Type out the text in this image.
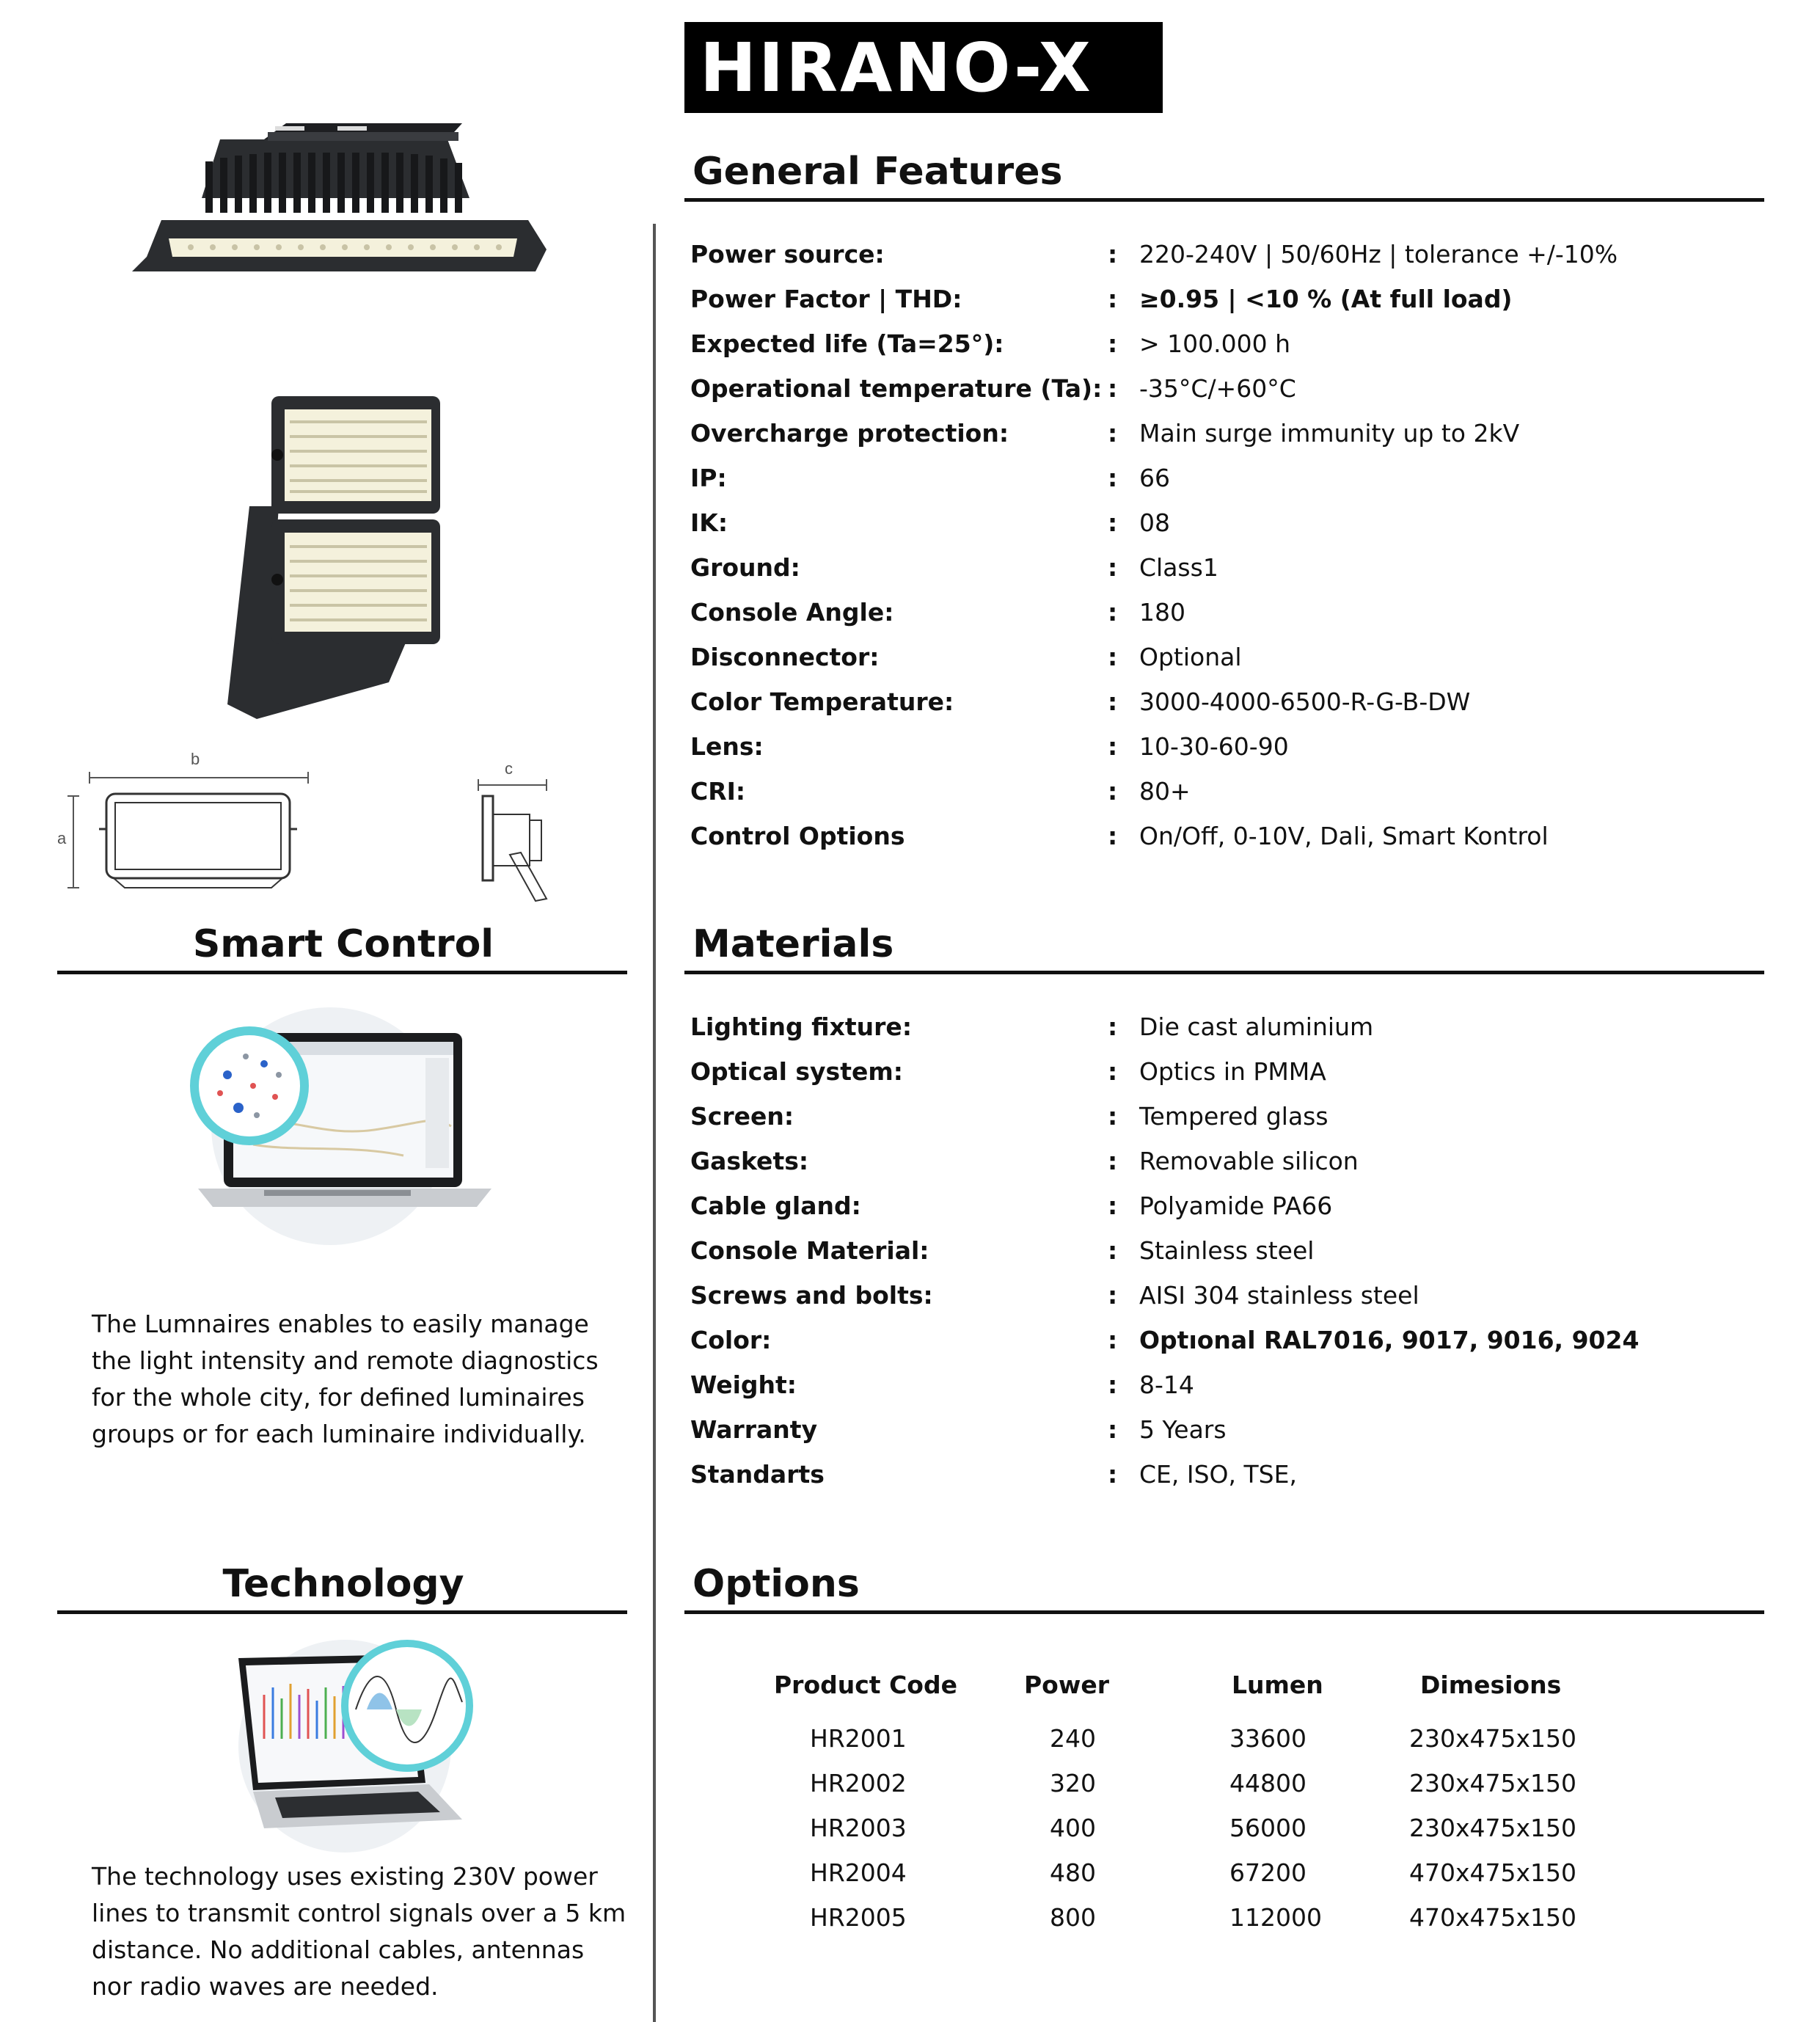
HIRANO-X
b
a
c
General Features
Power source:	: 220-240V | 50/60Hz | tolerance +/-10%
Power Factor | THD:	: ≥0.95 | <10 % (At full load)
Expected life (Ta=25°):	: > 100.000 h
Operational temperature (Ta): : -35°C/+60°C
Overcharge protection:	: Main surge immunity up to 2kV
IP:	: 66
IK:	: 08
Ground:	: Class1
Console Angle:	: 180
Disconnector:	: Optional
Color Temperature:	: 3000-4000-6500-R-G-B-DW
Lens:	: 10-30-60-90
CRI:	: 80+
Control Options	: On/Off, 0-10V, Dali, Smart Kontrol
Smart Control
The Lumnaires enables to easily manage the light intensity and remote diagnostics for the whole city, for defined luminaires groups or for each luminaire individually.
Materials
Lighting fixture:	: Die cast aluminium
Optical system:	: Optics in PMMA
Screen:	: Tempered glass
Gaskets:	: Removable silicon
Cable gland:	: Polyamide PA66
Console Material:	: Stainless steel
Screws and bolts:	: AISI 304 stainless steel
Color:	: Optıonal RAL7016, 9017, 9016, 9024
Weight:	: 8-14
Warranty	: 5 Years
Standarts	: CE, ISO, TSE,
Technology
The technology uses existing 230V power lines to transmit control signals over a 5 km distance. No additional cables, antennas nor radio waves are needed.
Options
Product Code	Power	Lumen	Dimesions
HR2001	240	33600	230x475x150
HR2002	320	44800	230x475x150
HR2003	400	56000	230x475x150
HR2004	480	67200	470x475x150
HR2005	800	112000	470x475x150
